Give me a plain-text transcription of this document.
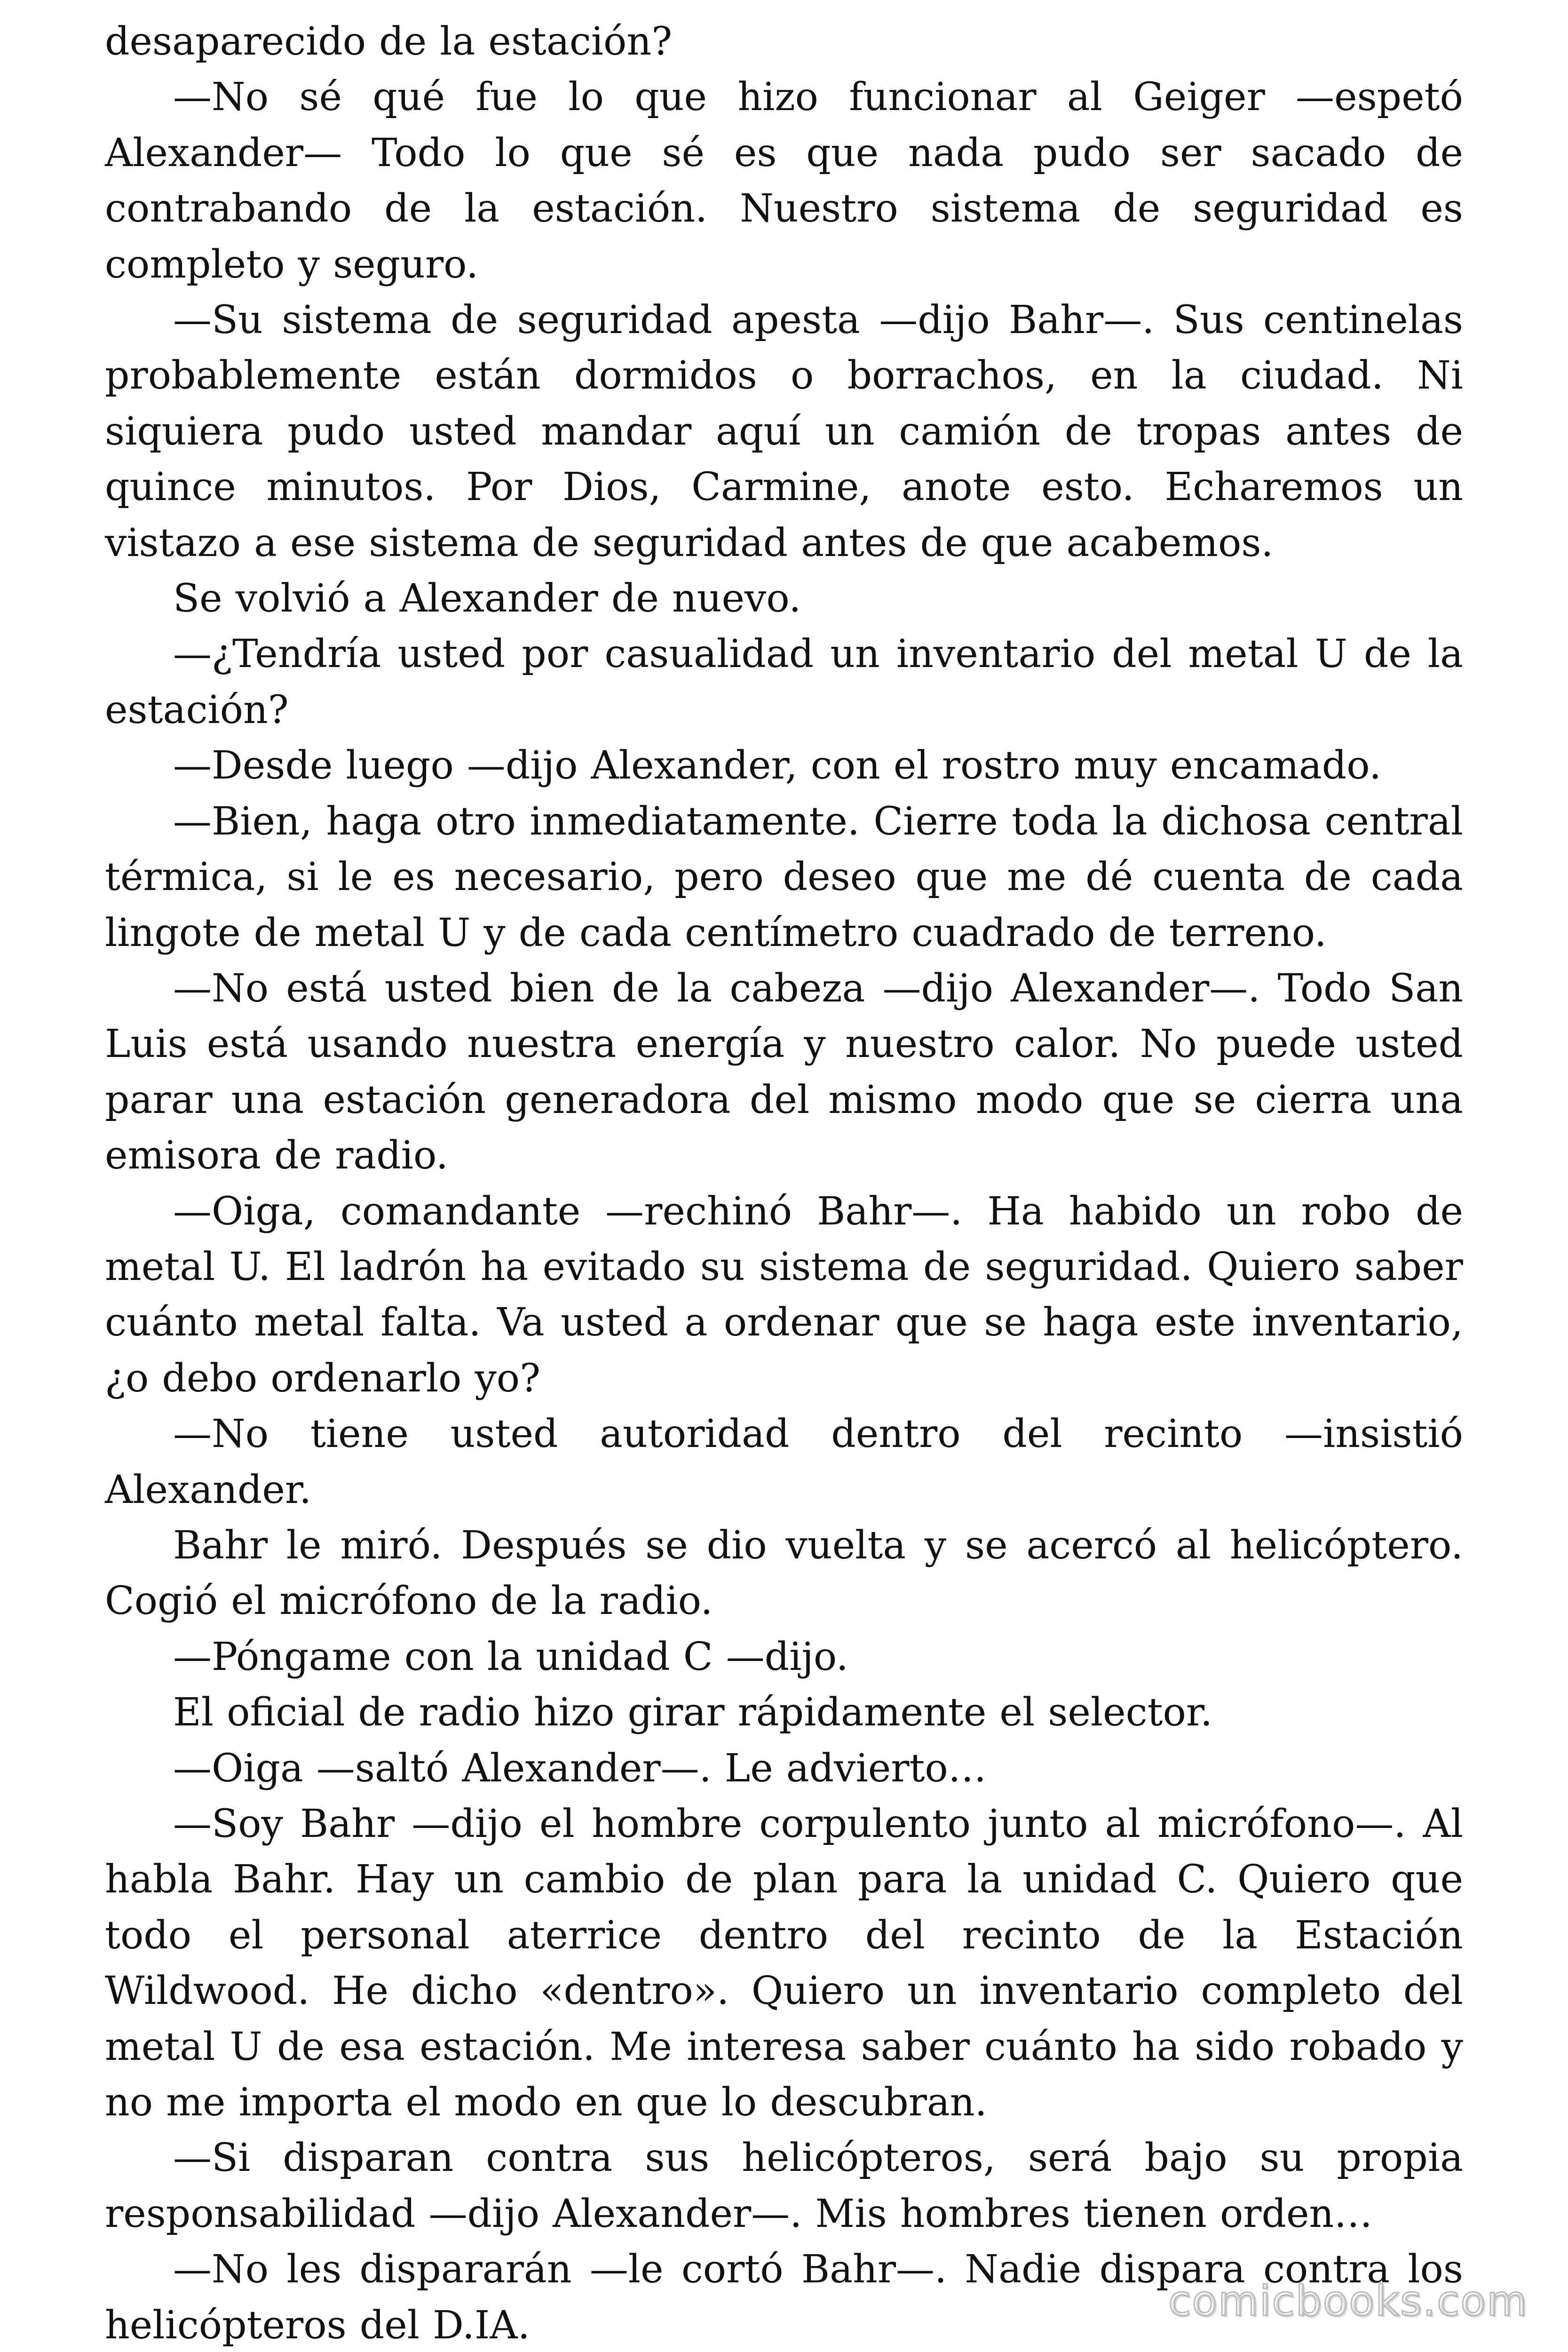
desaparecido de la estación?

—No sé qué fue lo que hizo funcionar al Geiger —espetó Alexander— Todo lo que sé es que nada pudo ser sacado de contrabando de la estación. Nuestro sistema de seguridad es completo y seguro.

—Su sistema de seguridad apesta —dijo Bahr—. Sus centinelas probablemente están dormidos o borrachos, en la ciudad. Ni siquiera pudo usted mandar aquí un camión de tropas antes de quince minutos. Por Dios, Carmine, anote esto. Echaremos un vistazo a ese sistema de seguridad antes de que acabemos.

Se volvió a Alexander de nuevo.

—¿Tendría usted por casualidad un inventario del metal U de la estación?

—Desde luego —dijo Alexander, con el rostro muy encamado.

—Bien, haga otro inmediatamente. Cierre toda la dichosa central térmica, si le es necesario, pero deseo que me dé cuenta de cada lingote de metal U y de cada centímetro cuadrado de terreno.

—No está usted bien de la cabeza —dijo Alexander—. Todo San Luis está usando nuestra energía y nuestro calor. No puede usted parar una estación generadora del mismo modo que se cierra una emisora de radio.

—Oiga, comandante —rechinó Bahr—. Ha habido un robo de metal U. El ladrón ha evitado su sistema de seguridad. Quiero saber cuánto metal falta. Va usted a ordenar que se haga este inventario, ¿o debo ordenarlo yo?

—No tiene usted autoridad dentro del recinto —insistió Alexander.

Bahr le miró. Después se dio vuelta y se acercó al helicóptero. Cogió el micrófono de la radio.

—Póngame con la unidad C —dijo.

El oficial de radio hizo girar rápidamente el selector.

—Oiga —saltó Alexander—. Le advierto…

—Soy Bahr —dijo el hombre corpulento junto al micrófono—. Al habla Bahr. Hay un cambio de plan para la unidad C. Quiero que todo el personal aterrice dentro del recinto de la Estación Wildwood. He dicho «dentro». Quiero un inventario completo del metal U de esa estación. Me interesa saber cuánto ha sido robado y no me importa el modo en que lo descubran.

—Si disparan contra sus helicópteros, será bajo su propia responsabilidad —dijo Alexander—. Mis hombres tienen orden…

—No les dispararán —le cortó Bahr—. Nadie dispara contra los helicópteros del D.IA.

comicbooks.com
